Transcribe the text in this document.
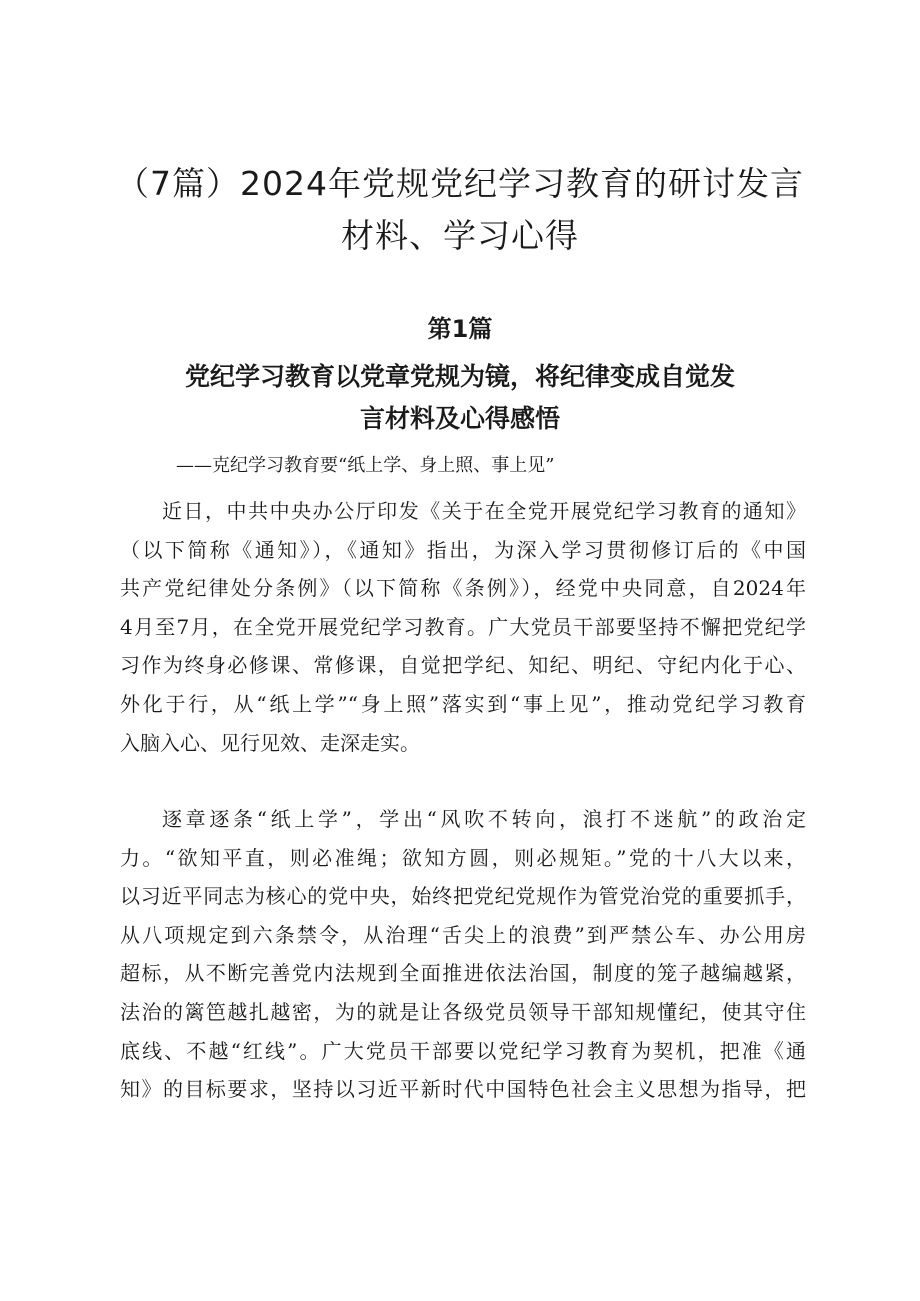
（7篇）2024年党规党纪学习教育的研讨发言
材料、学习心得
第1篇
党纪学习教育以党章党规为镜，将纪律变成自觉发
言材料及心得感悟

——克纪学习教育要“纸上学、身上照、事上见”

近日，中共中央办公厅印发《关于在全党开展党纪学习教育的通知》
（以下简称《通知》），《通知》指出，为深入学习贯彻修订后的《中国
共产党纪律处分条例》（以下简称《条例》），经党中央同意，自2024年
4月至7月，在全党开展党纪学习教育。广大党员干部要坚持不懈把党纪学
习作为终身必修课、常修课，自觉把学纪、知纪、明纪、守纪内化于心、
外化于行，从“纸上学”“身上照”落实到“事上见”，推动党纪学习教育
入脑入心、见行见效、走深走实。
逐章逐条“纸上学”，学出“风吹不转向，浪打不迷航”的政治定
力。“欲知平直，则必准绳；欲知方圆，则必规矩。”党的十八大以来，
以习近平同志为核心的党中央，始终把党纪党规作为管党治党的重要抓手，
从八项规定到六条禁令，从治理“舌尖上的浪费”到严禁公车、办公用房
超标，从不断完善党内法规到全面推进依法治国，制度的笼子越编越紧，
法治的篱笆越扎越密，为的就是让各级党员领导干部知规懂纪，使其守住
底线、不越“红线”。广大党员干部要以党纪学习教育为契机，把准《通
知》的目标要求，坚持以习近平新时代中国特色社会主义思想为指导，把
